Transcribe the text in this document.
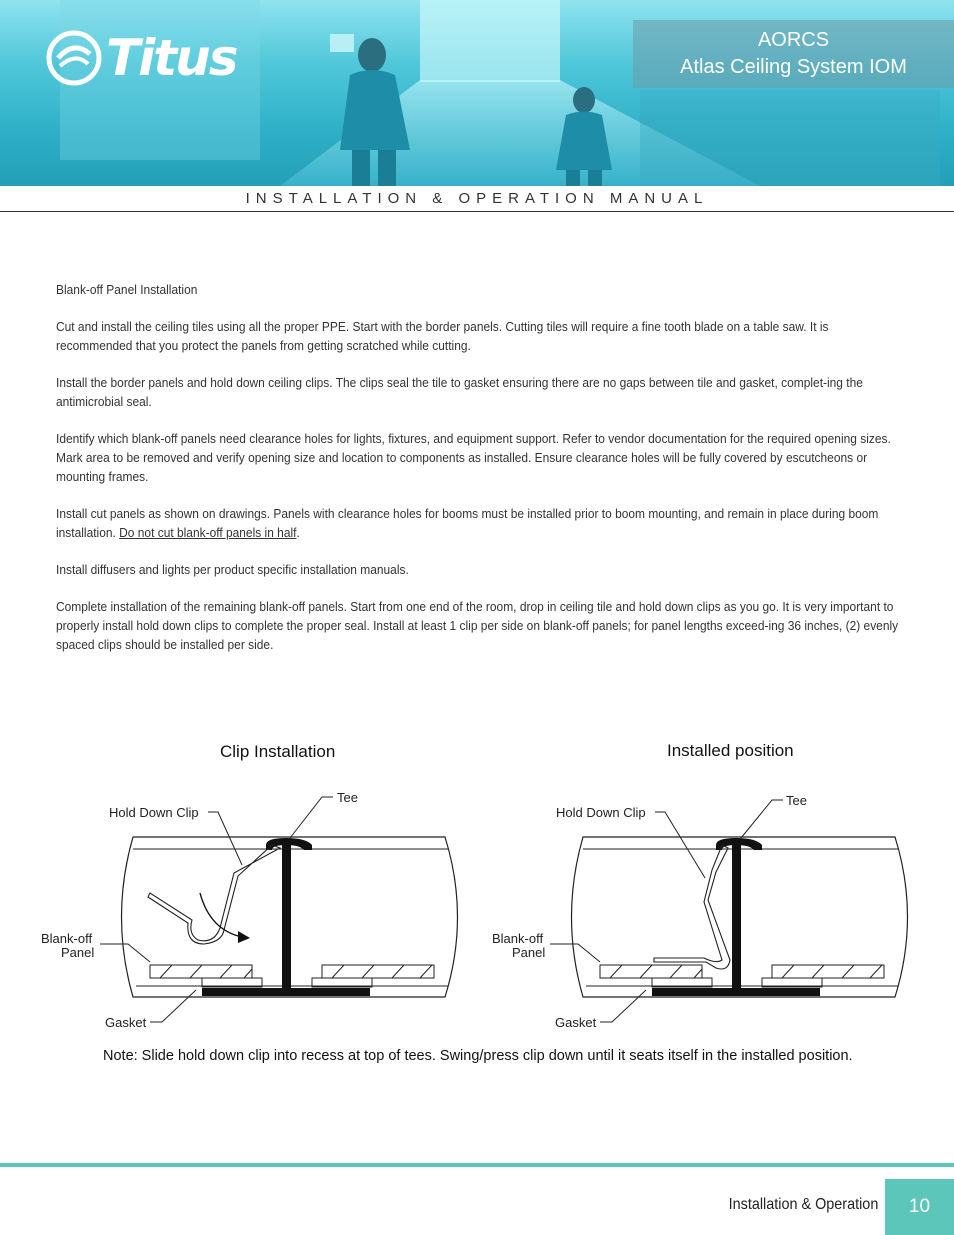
Titus	AORCS
Atlas Ceiling System IOM
INSTALLATION & OPERATION MANUAL

Blank-off Panel Installation

Cut and install the ceiling tiles using all the proper PPE. Start with the border panels. Cutting tiles will require a fine tooth blade on a table saw. It is recommended that you protect the panels from getting scratched while cutting.

Install the border panels and hold down ceiling clips. The clips seal the tile to gasket ensuring there are no gaps between tile and gasket, complet-ing the antimicrobial seal.

Identify which blank-off panels need clearance holes for lights, fixtures, and equipment support. Refer to vendor documentation for the required opening sizes. Mark area to be removed and verify opening size and location to components as installed. Ensure clearance holes will be fully covered by escutcheons or mounting frames.

Install cut panels as shown on drawings. Panels with clearance holes for booms must be installed prior to boom mounting, and remain in place during boom installation. Do not cut blank-off panels in half.

Install diffusers and lights per product specific installation manuals.

Complete installation of the remaining blank-off panels. Start from one end of the room, drop in ceiling tile and hold down clips as you go. It is very important to properly install hold down clips to complete the proper seal. Install at least 1 clip per side on blank-off panels; for panel lengths exceed-ing 36 inches, (2) evenly spaced clips should be installed per side.

Clip Installation	Installed position
Hold Down Clip
Tee
Blank-off
Panel
Gasket
Hold Down Clip
Tee
Blank-off
Panel
Gasket
Note: Slide hold down clip into recess at top of tees. Swing/press clip down until it seats itself in the installed position.
Installation & Operation	10
